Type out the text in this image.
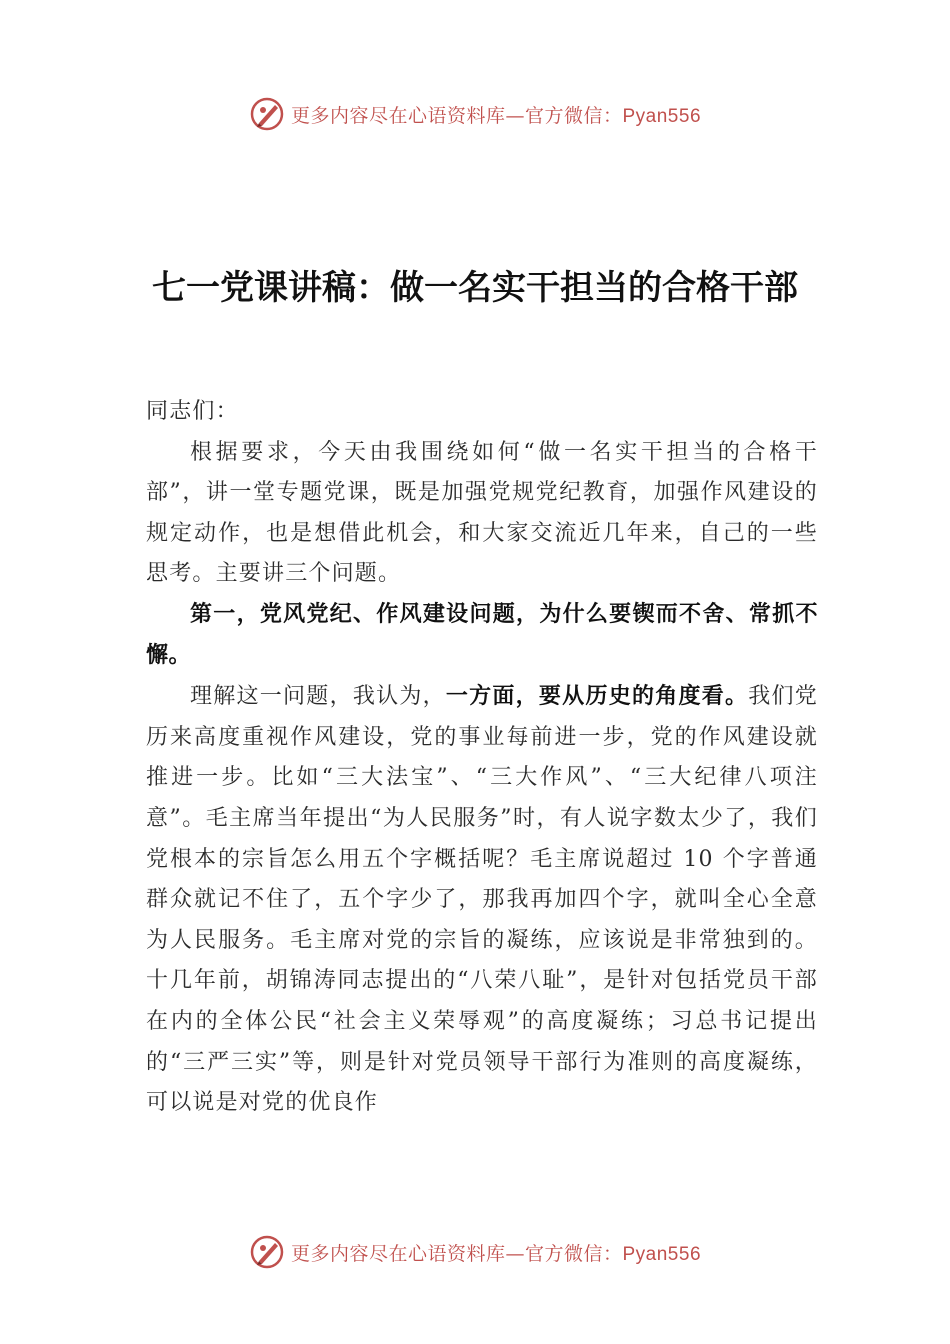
更多内容尽在心语资料库—官方微信：Pyan556
七一党课讲稿：做一名实干担当的合格干部

同志们：

根据要求，今天由我围绕如何“做一名实干担当的合格干部”，讲一堂专题党课，既是加强党规党纪教育，加强作风建设的规定动作，也是想借此机会，和大家交流近几年来，自己的一些思考。主要讲三个问题。

第一，党风党纪、作风建设问题，为什么要锲而不舍、常抓不懈。

理解这一问题，我认为，一方面，要从历史的角度看。我们党历来高度重视作风建设，党的事业每前进一步，党的作风建设就推进一步。比如“三大法宝”、“三大作风”、“三大纪律八项注意”。毛主席当年提出“为人民服务”时，有人说字数太少了，我们党根本的宗旨怎么用五个字概括呢？毛主席说超过 10 个字普通群众就记不住了，五个字少了，那我再加四个字，就叫全心全意为人民服务。毛主席对党的宗旨的凝练，应该说是非常独到的。十几年前，胡锦涛同志提出的“八荣八耻”，是针对包括党员干部在内的全体公民“社会主义荣辱观”的高度凝练；习总书记提出的“三严三实”等，则是针对党员领导干部行为准则的高度凝练，可以说是对党的优良作

更多内容尽在心语资料库—官方微信：Pyan556
